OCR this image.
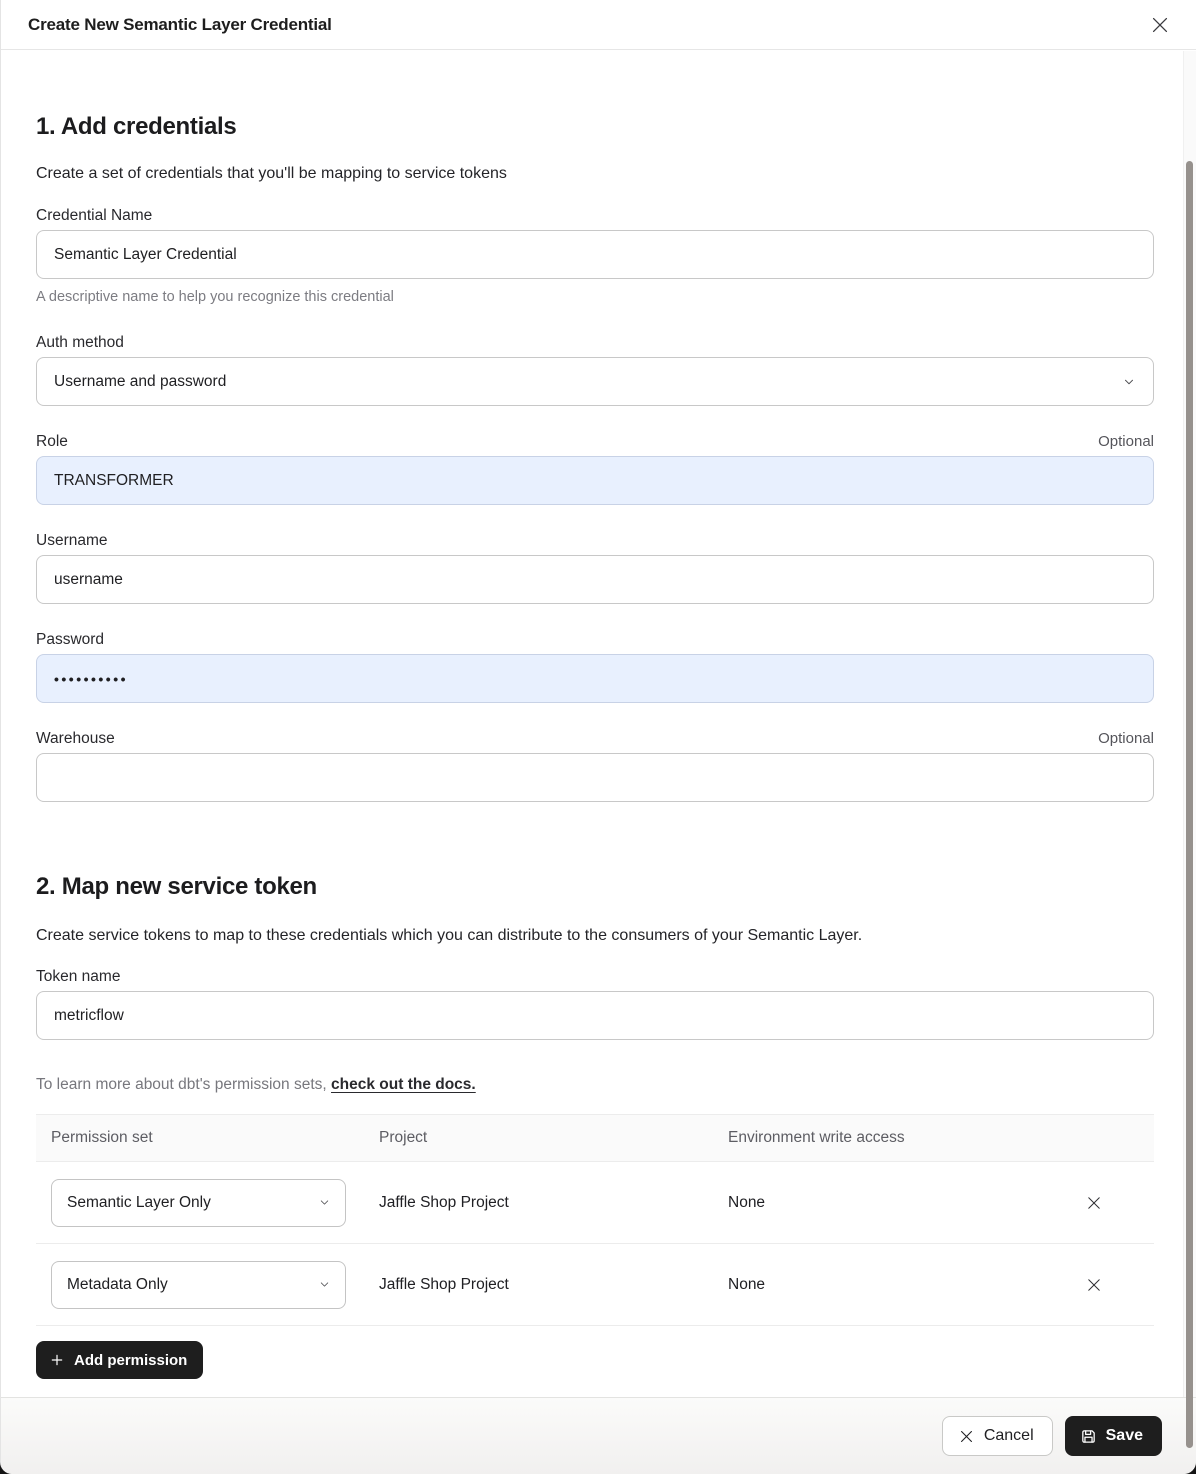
Create New Semantic Layer Credential
1. Add credentials

Create a set of credentials that you'll be mapping to service tokens

Credential Name
Semantic Layer Credential
A descriptive name to help you recognize this credential
Auth method
Username and password
Role	Optional
TRANSFORMER
Username
username
Password
••••••••••
Warehouse	Optional
2. Map new service token

Create service tokens to map to these credentials which you can distribute to the consumers of your Semantic Layer.

Token name
metricflow
To learn more about dbt's permission sets, check out the docs.
Permission set	Project	Environment write access
Semantic Layer Only	Jaffle Shop Project	None
Metadata Only	Jaffle Shop Project	None
Add permission
Cancel	Save
